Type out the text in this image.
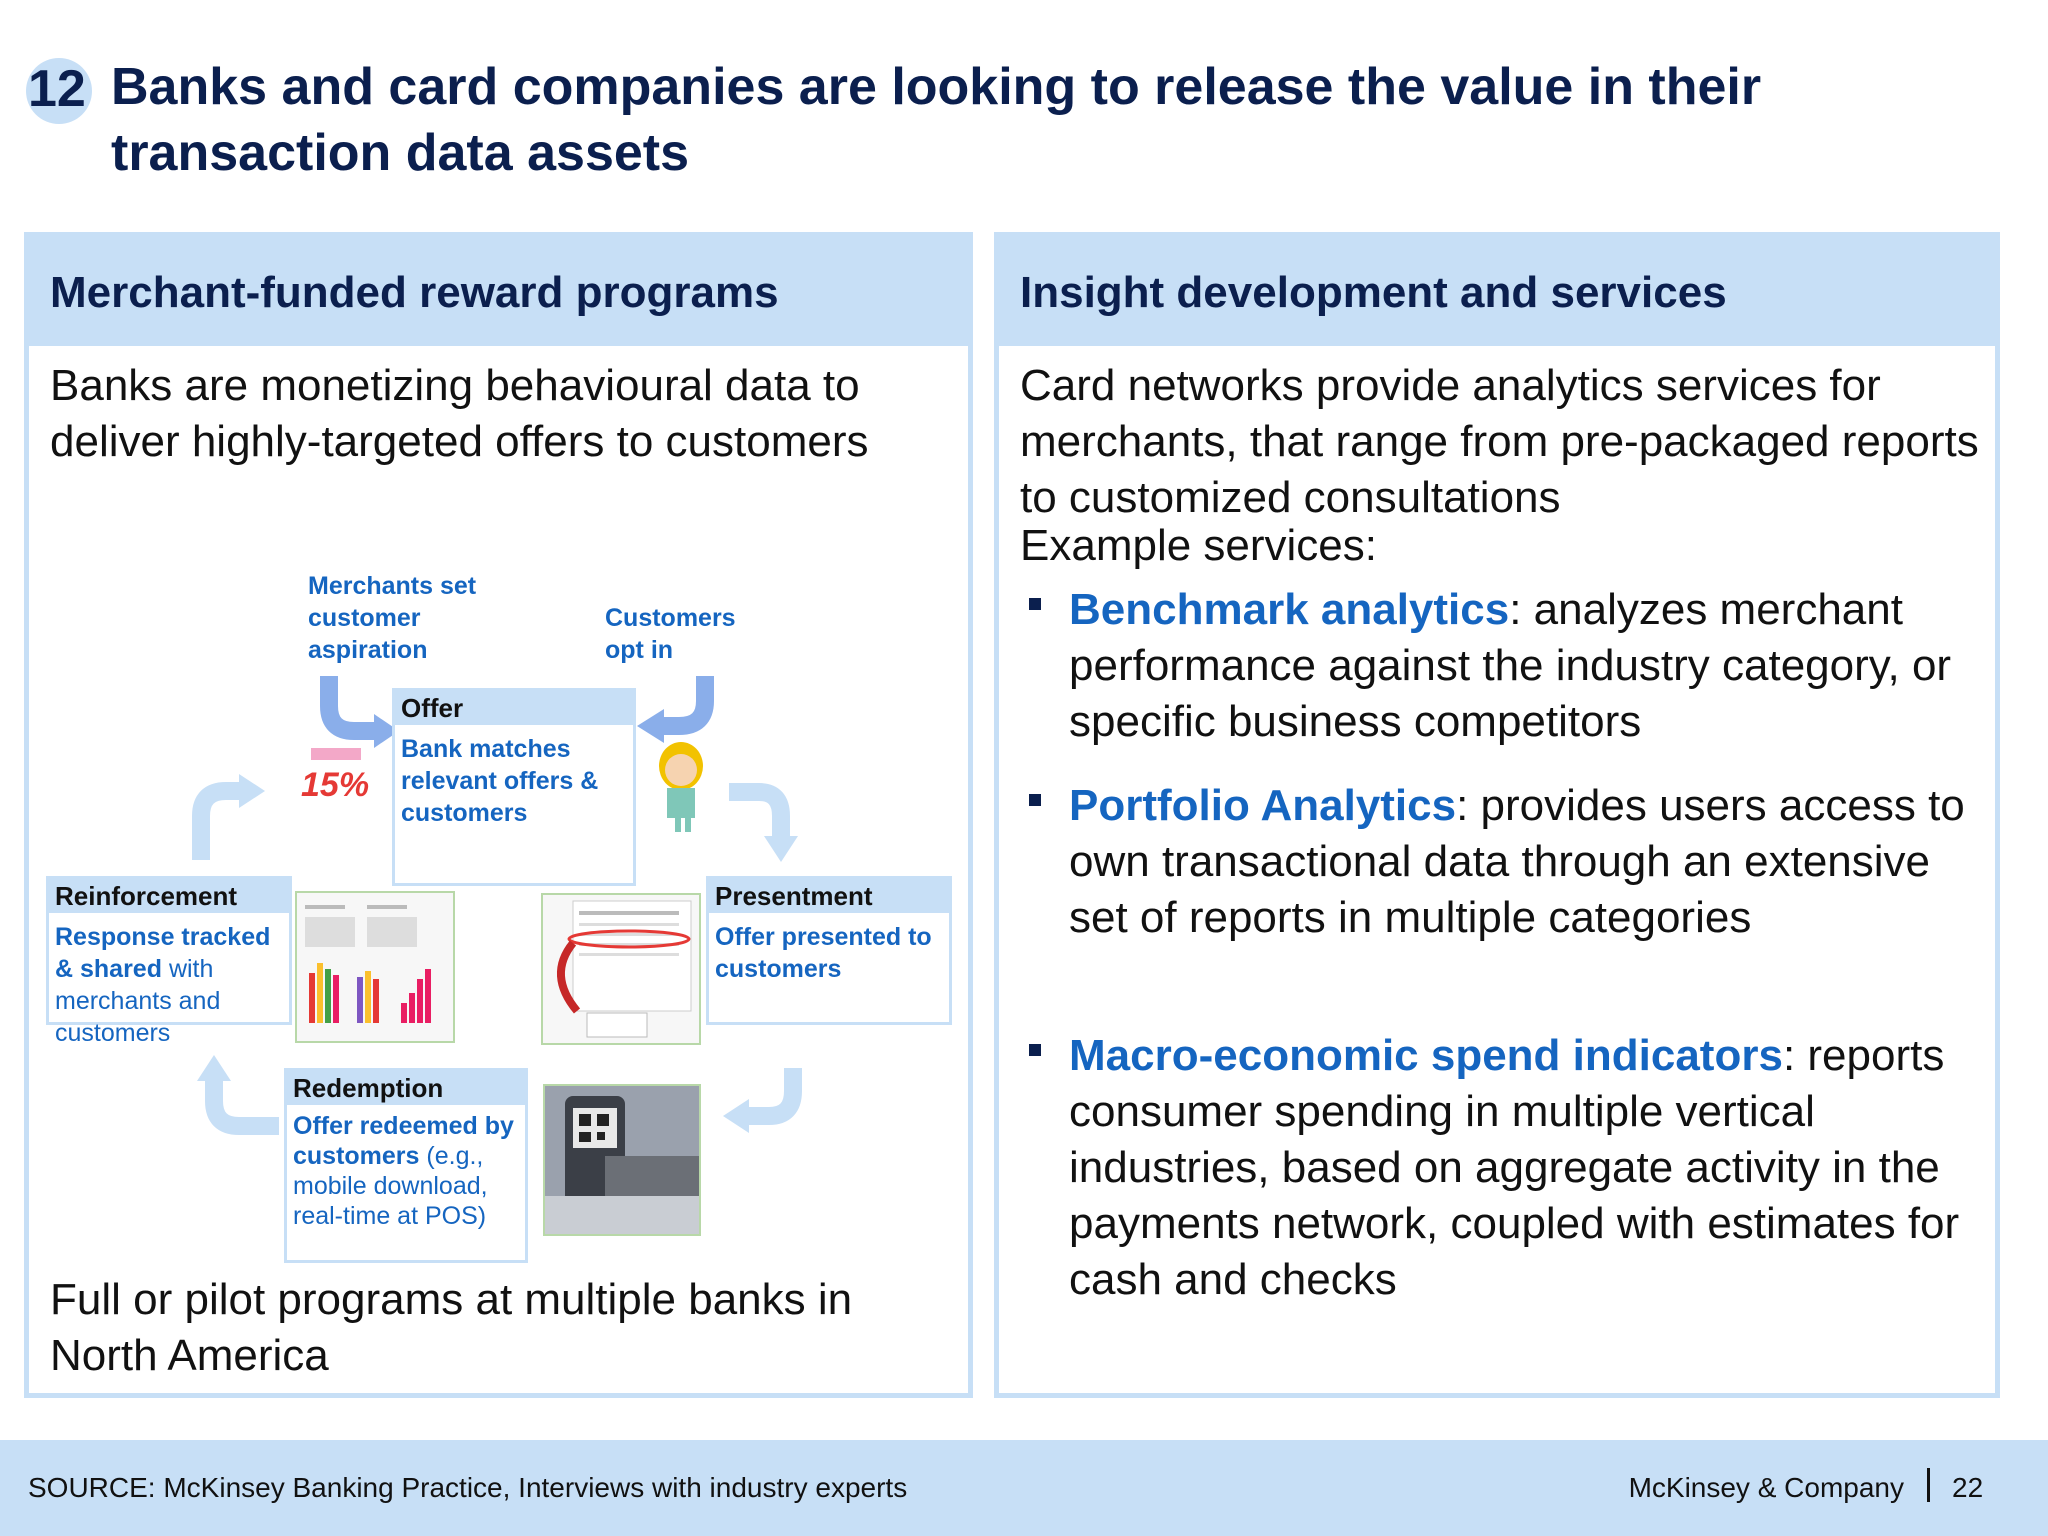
12 Banks and card companies are looking to release the value in their transaction data assets
Merchant-funded reward programs
Banks are monetizing behavioural data to deliver highly-targeted offers to customers
Merchants set customer aspiration
Customers opt in
Offer
Bank matches relevant offers & customers
15%
Presentment
Offer presented to customers
Reinforcement
Response tracked & shared with merchants and customers
Redemption
Offer redeemed by customers (e.g., mobile download, real-time at POS)
Full or pilot programs at multiple banks in North America
Insight development and services
Card networks provide analytics services for merchants, that range from pre-packaged reports to customized consultations
Example services:
Benchmark analytics: analyzes merchant performance against the industry category, or specific business competitors
Portfolio Analytics: provides users access to own transactional data through an extensive set of reports in multiple categories
Macro-economic spend indicators: reports consumer spending in multiple vertical industries, based on aggregate activity in the payments network, coupled with estimates for cash and checks
SOURCE: McKinsey Banking Practice, Interviews with industry experts	McKinsey & Company 22
